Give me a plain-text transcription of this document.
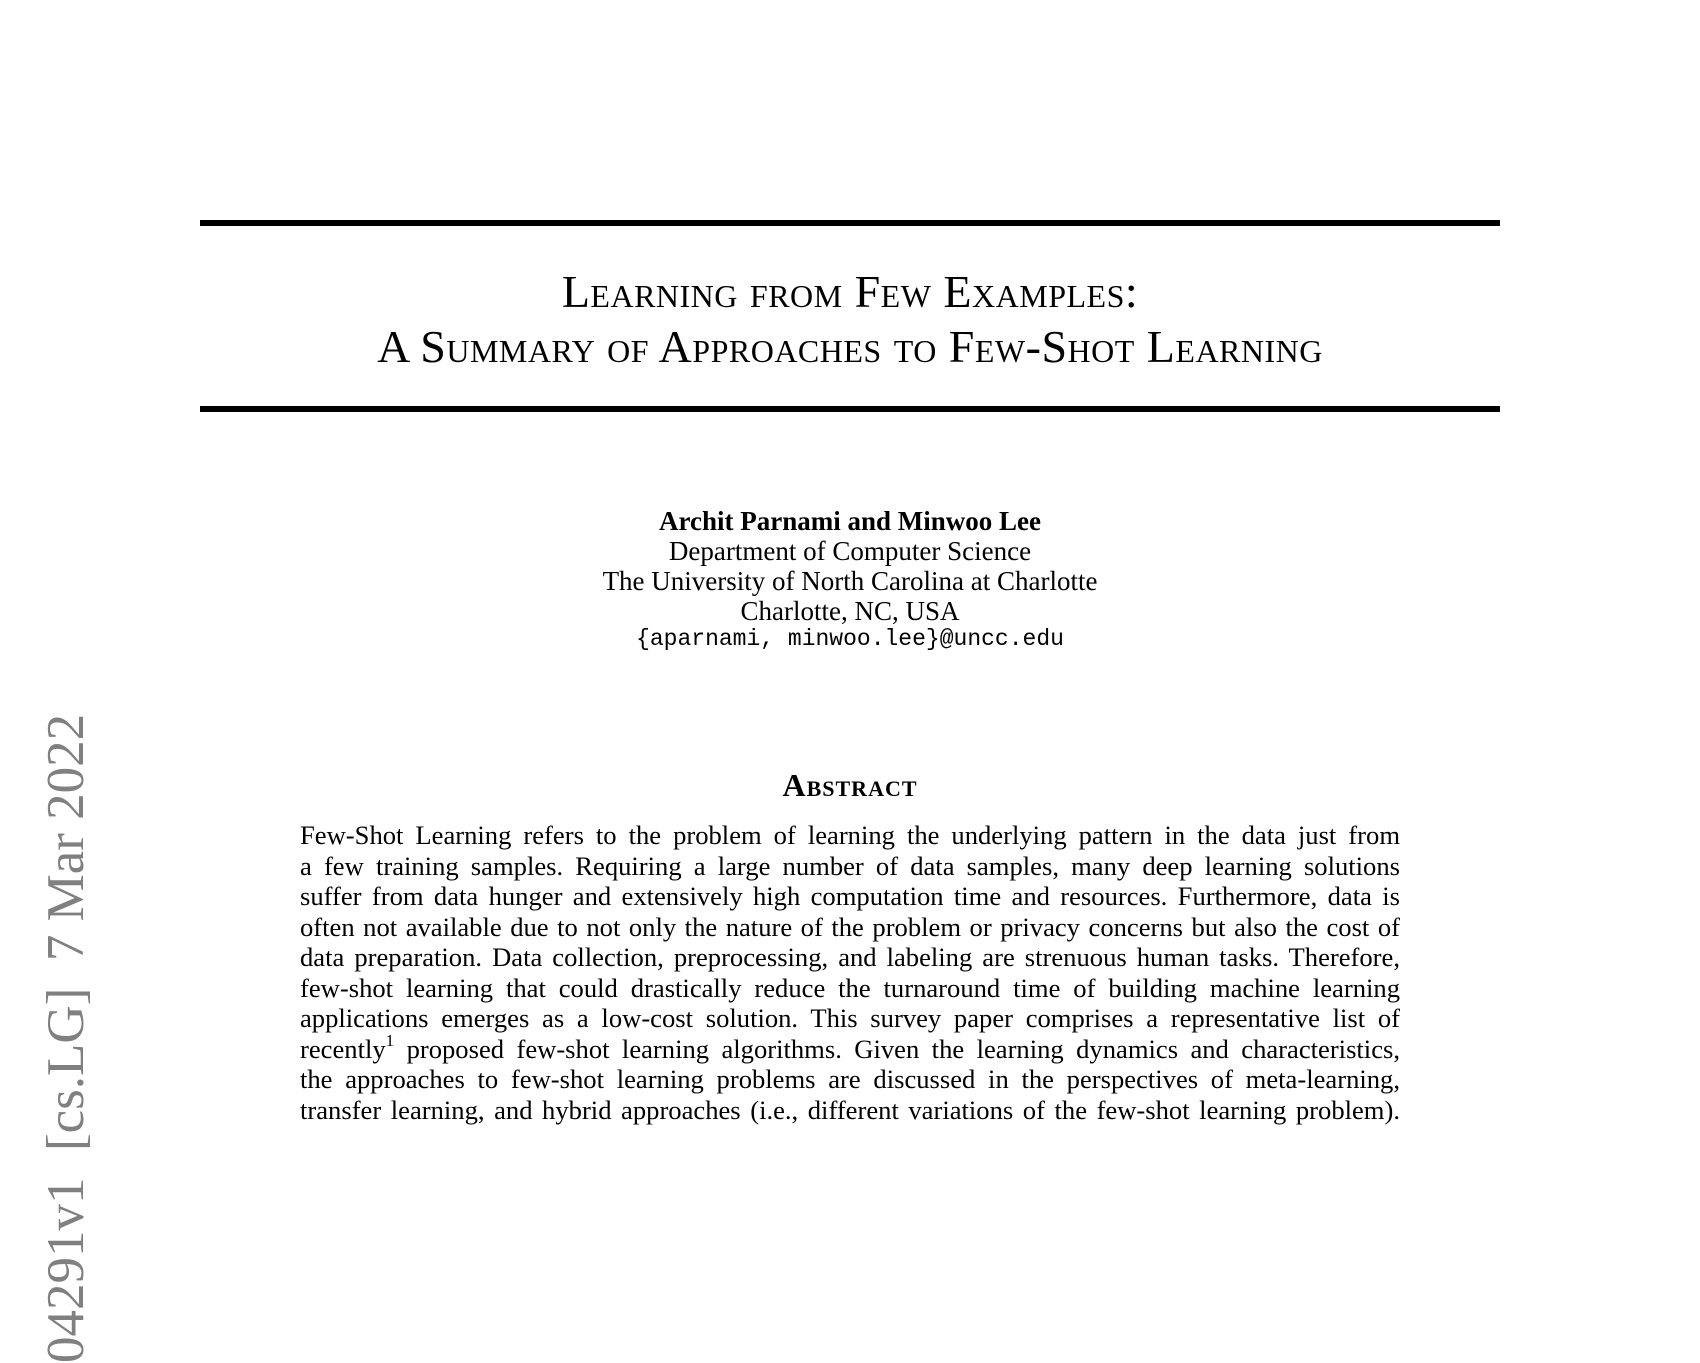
04291v1  [cs.LG]  7 Mar 2022
Learning from Few Examples:
A Summary of Approaches to Few-Shot Learning
Archit Parnami and Minwoo Lee
Department of Computer Science
The University of North Carolina at Charlotte
Charlotte, NC, USA
{aparnami, minwoo.lee}@uncc.edu
Abstract
Few-Shot Learning refers to the problem of learning the underlying pattern in the data just from
a few training samples. Requiring a large number of data samples, many deep learning solutions
suffer from data hunger and extensively high computation time and resources. Furthermore, data is
often not available due to not only the nature of the problem or privacy concerns but also the cost of
data preparation. Data collection, preprocessing, and labeling are strenuous human tasks. Therefore,
few-shot learning that could drastically reduce the turnaround time of building machine learning
applications emerges as a low-cost solution. This survey paper comprises a representative list of
recently$^1$ proposed few-shot learning algorithms. Given the learning dynamics and characteristics,
the approaches to few-shot learning problems are discussed in the perspectives of meta-learning,
transfer learning, and hybrid approaches (i.e., different variations of the few-shot learning problem).
